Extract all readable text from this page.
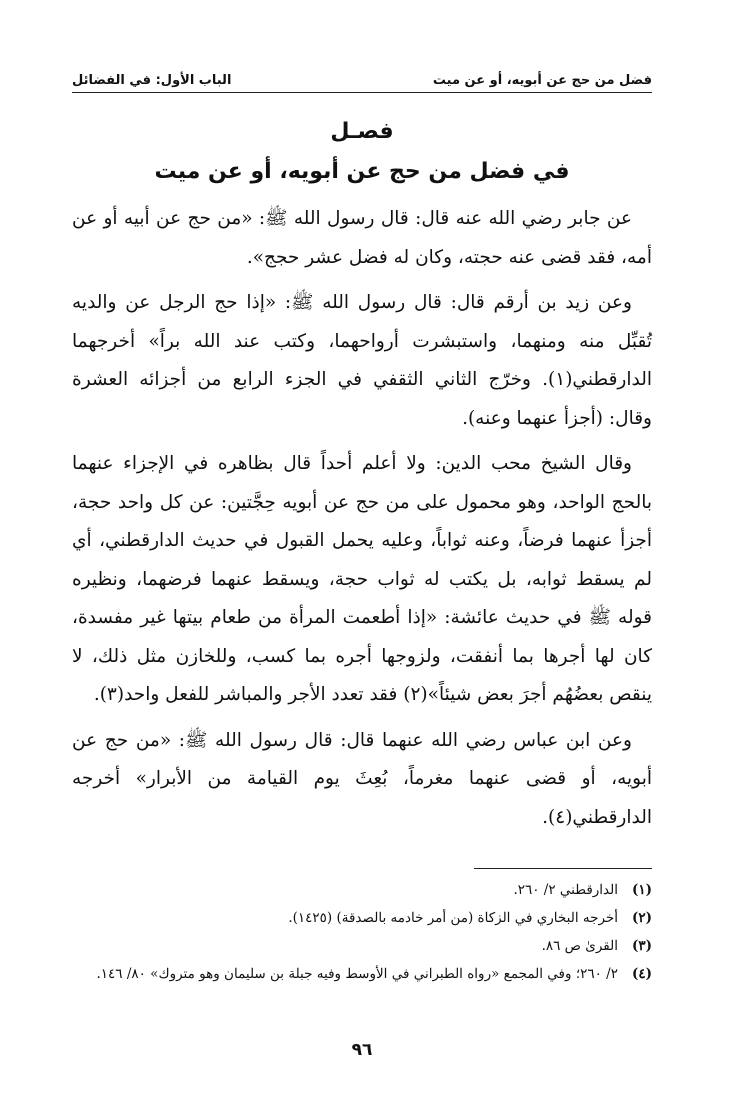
فضل من حج عن أبويه، أو عن ميت
الباب الأول: في الفضائل
فصـل
في فضل من حج عن أبويه، أو عن ميت

عن جابر رضي الله عنه قال: قال رسول الله ﷺ: «من حج عن أبيه أو عن أمه، فقد قضى عنه حجته، وكان له فضل عشر حجج».

وعن زيد بن أرقم قال: قال رسول الله ﷺ: «إذا حج الرجل عن والديه تُقبِّل منه ومنهما، واستبشرت أرواحهما، وكتب عند الله براً» أخرجهما الدارقطني(١). وخرّج الثاني الثقفي في الجزء الرابع من أجزائه العشرة وقال: (أجزأ عنهما وعنه).

وقال الشيخ محب الدين: ولا أعلم أحداً قال بظاهره في الإجزاء عنهما بالحج الواحد، وهو محمول على من حج عن أبويه حِجَّتين: عن كل واحد حجة، أجزأ عنهما فرضاً، وعنه ثواباً، وعليه يحمل القبول في حديث الدارقطني، أي لم يسقط ثوابه، بل يكتب له ثواب حجة، ويسقط عنهما فرضهما، ونظيره قوله ﷺ في حديث عائشة: «إذا أطعمت المرأة من طعام بيتها غير مفسدة، كان لها أجرها بما أنفقت، ولزوجها أجره بما كسب، وللخازن مثل ذلك، لا ينقص بعضُهُم أجرَ بعض شيئاً»(٢) فقد تعدد الأجر والمباشر للفعل واحد(٣).

وعن ابن عباس رضي الله عنهما قال: قال رسول الله ﷺ: «من حج عن أبويه، أو قضى عنهما مغرماً، بُعِثَ يوم القيامة من الأبرار» أخرجه الدارقطني(٤).

(١)
الدارقطني ٢/ ٢٦٠.
(٢)
أخرجه البخاري في الزكاة (من أمر خادمه بالصدقة) (١٤٢٥).
(٣)
القرىٰ ص ٨٦.
(٤)
٢/ ٢٦٠؛ وفي المجمع «رواه الطبراني في الأوسط وفيه جبلة بن سليمان وهو متروك» ٨٠/ ١٤٦.
٩٦
